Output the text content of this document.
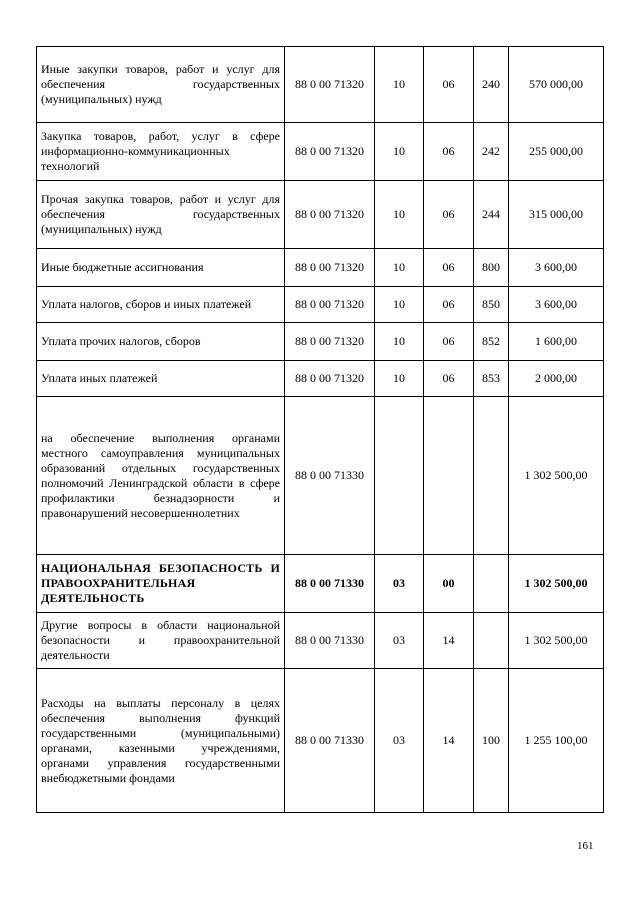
Иные закупки товаров, работ и услуг для обеспечения государственных (муниципальных) нужд	88 0 00 71320	10	06	240	570 000,00
Закупка товаров, работ, услуг в сфере информационно-коммуникационных технологий	88 0 00 71320	10	06	242	255 000,00
Прочая закупка товаров, работ и услуг для обеспечения государственных (муниципальных) нужд	88 0 00 71320	10	06	244	315 000,00
Иные бюджетные ассигнования	88 0 00 71320	10	06	800	3 600,00
Уплата налогов, сборов и иных платежей	88 0 00 71320	10	06	850	3 600,00
Уплата прочих налогов, сборов	88 0 00 71320	10	06	852	1 600,00
Уплата иных платежей	88 0 00 71320	10	06	853	2 000,00
на обеспечение выполнения органами местного самоуправления муниципальных образований отдельных государственных полномочий Ленинградской области в сфере профилактики безнадзорности и правонарушений несовершеннолетних	88 0 00 71330				1 302 500,00
НАЦИОНАЛЬНАЯ БЕЗОПАСНОСТЬ И ПРАВООХРАНИТЕЛЬНАЯ ДЕЯТЕЛЬНОСТЬ	88 0 00 71330	03	00		1 302 500,00
Другие вопросы в области национальной безопасности и правоохранительной деятельности	88 0 00 71330	03	14		1 302 500,00
Расходы на выплаты персоналу в целях обеспечения выполнения функций государственными (муниципальными) органами, казенными учреждениями, органами управления государственными внебюджетными фондами	88 0 00 71330	03	14	100	1 255 100,00
161
